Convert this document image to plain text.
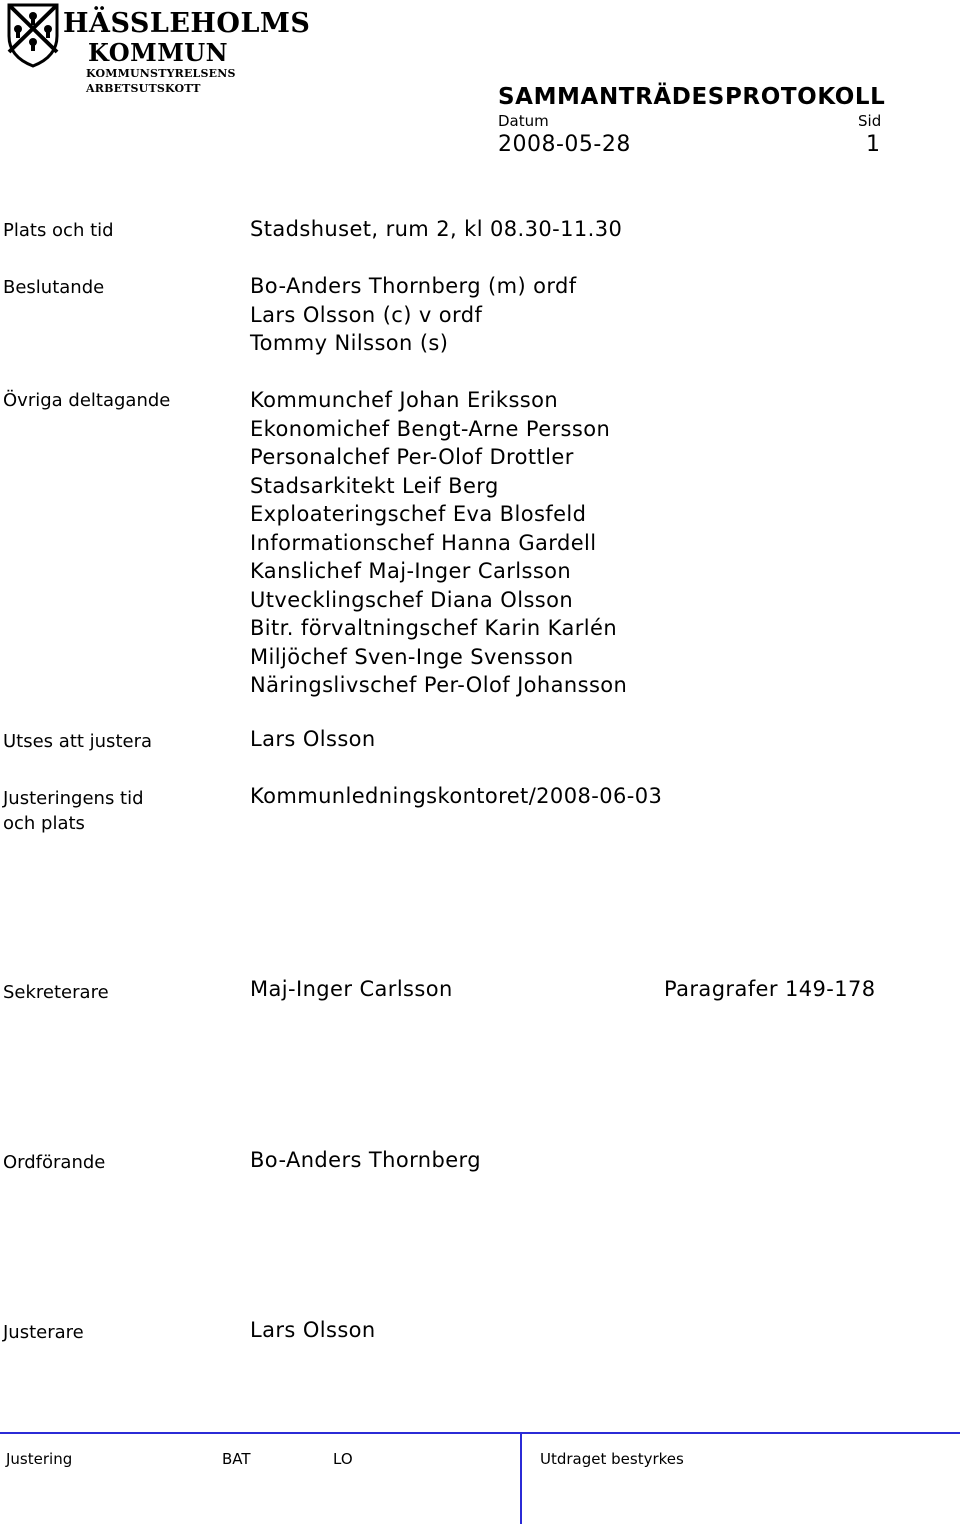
HÄSSLEHOLMS
KOMMUN
KOMMUNSTYRELSENS
ARBETSUTSKOTT	SAMMANTRÄDESPROTOKOLL
Datum	Sid
2008-05-28	1
Plats och tid	Stadshuset, rum 2, kl 08.30-11.30
Beslutande	Bo-Anders Thornberg (m) ordf
Lars Olsson (c) v ordf
Tommy Nilsson (s)
Övriga deltagande	Kommunchef Johan Eriksson
Ekonomichef Bengt-Arne Persson
Personalchef Per-Olof Drottler
Stadsarkitekt Leif Berg
Exploateringschef Eva Blosfeld
Informationschef Hanna Gardell
Kanslichef Maj-Inger Carlsson
Utvecklingschef Diana Olsson
Bitr. förvaltningschef Karin Karlén
Miljöchef Sven-Inge Svensson
Näringslivschef Per-Olof Johansson
Utses att justera	Lars Olsson
Justeringens tid
och plats
Kommunledningskontoret/2008-06-03
Sekreterare	Maj-Inger Carlsson	Paragrafer 149-178
Ordförande	Bo-Anders Thornberg
Justerare	Lars Olsson
Justering	BAT	LO	Utdraget bestyrkes
